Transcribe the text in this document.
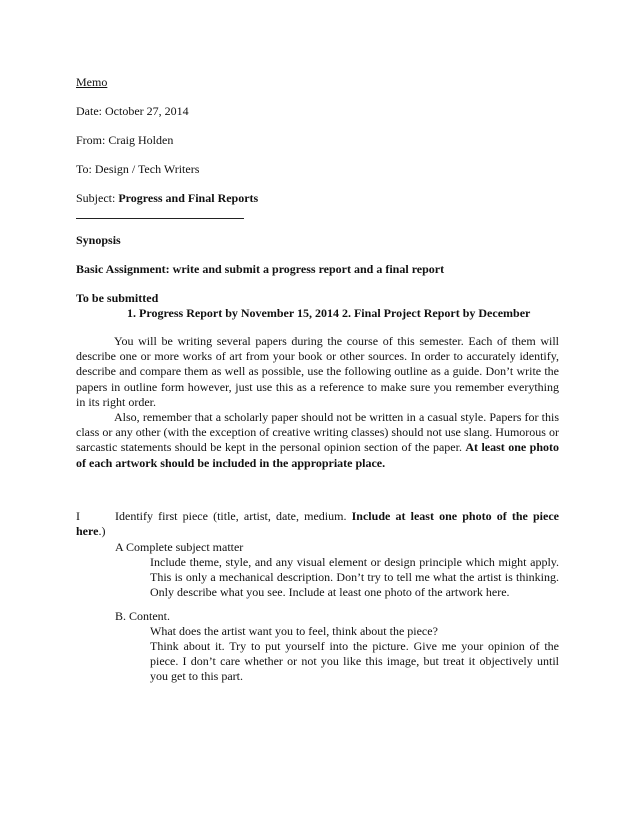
Memo
Date: October 27, 2014
From: Craig Holden
To: Design / Tech Writers
Subject: Progress and Final Reports
Synopsis
Basic Assignment: write and submit a progress report and a final report
To be submitted
1. Progress Report by November 15, 2014 2. Final Project Report by December
You will be writing several papers during the course of this semester. Each of them will describe one or more works of art from your book or other sources. In order to accurately identify, describe and compare them as well as possible, use the following outline as a guide. Don’t write the papers in outline form however, just use this as a reference to make sure you remember everything in its right order.
Also, remember that a scholarly paper should not be written in a casual style. Papers for this class or any other (with the exception of creative writing classes) should not use slang. Humorous or sarcastic statements should be kept in the personal opinion section of the paper. At least one photo of each artwork should be included in the appropriate place.
I	Identify first piece (title, artist, date, medium. Include at least one photo of the piece here.)
A Complete subject matter
Include theme, style, and any visual element or design principle which might apply. This is only a mechanical description. Don’t try to tell me what the artist is thinking. Only describe what you see. Include at least one photo of the artwork here.
B. Content.
What does the artist want you to feel, think about the piece?
Think about it. Try to put yourself into the picture. Give me your opinion of the piece. I don’t care whether or not you like this image, but treat it objectively until you get to this part.
